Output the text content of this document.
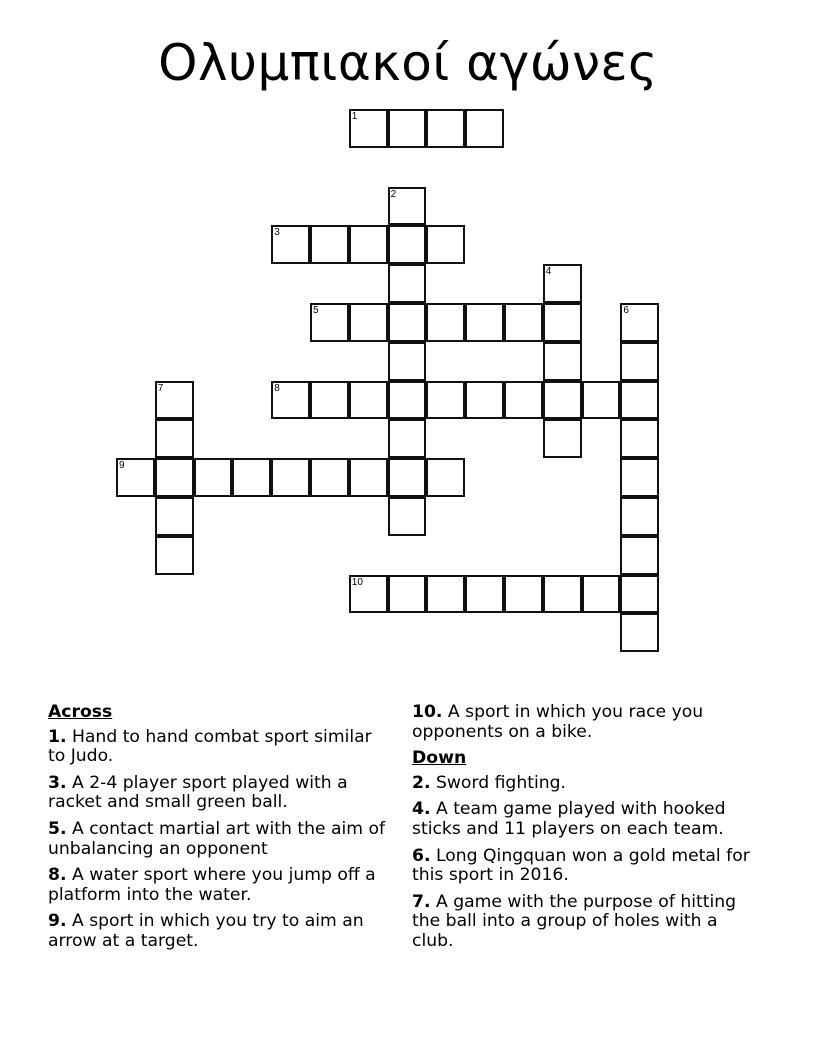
Ολυμπιακοί αγώνες
1
2
3
4
5	6
7	8
9
10
Across
1. Hand to hand combat sport similar to Judo.
3. A 2-4 player sport played with a racket and small green ball.
5. A contact martial art with the aim of unbalancing an opponent
8. A water sport where you jump off a platform into the water.
9. A sport in which you try to aim an arrow at a target.
10. A sport in which you race you opponents on a bike.
Down
2. Sword fighting.
4. A team game played with hooked sticks and 11 players on each team.
6. Long Qingquan won a gold metal for this sport in 2016.
7. A game with the purpose of hitting the ball into a group of holes with a club.
